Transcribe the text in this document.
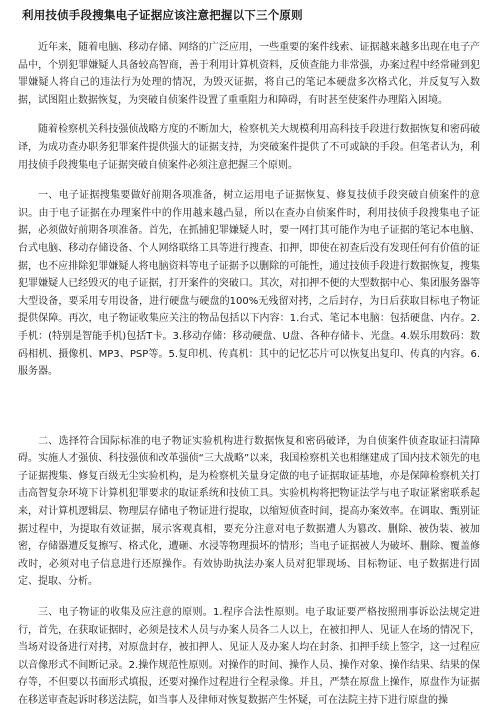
利用技侦手段搜集电子证据应该注意把握以下三个原则

近年来，随着电脑、移动存储、网络的广泛应用，一些重要的案件线索、证据越来越多出现在电子产品中，个别犯罪嫌疑人具备较高智商，善于利用计算机资料，反侦查能力非常强，办案过程中经常碰到犯罪嫌疑人将自己的违法行为处理的情况，为毁灭证据，将自己的笔记本硬盘多次格式化，并反复写入数据，试图阻止数据恢复，为突破自侦案件设置了重重阻力和障碍，有时甚至使案件办理陷入困境。

随着检察机关科技强侦战略方度的不断加大，检察机关大规模利用高科技手段进行数据恢复和密码破译，为成功查办职务犯罪案件提供强大的证据支持，为突破案件提供了不可或缺的手段。但笔者认为，利用技侦手段搜集电子证据突破自侦案件必须注意把握三个原则。

一、电子证据搜集要做好前期各项准备，树立运用电子证据恢复、修复技侦手段突破自侦案件的意识。由于电子证据在办理案件中的作用越来越凸显，所以在查办自侦案件时，利用技侦手段搜集电子证据，必须做好前期各项准备。首先，在抓捕犯罪嫌疑人时，要一网打其可能作为电子证据的笔记本电脑、台式电脑、移动存储设备、个人网络联络工具等进行搜查、扣押，即使在初查后没有发现任何有价值的证据，也不应排除犯罪嫌疑人将电脑资料等电子证据予以删除的可能性，通过技侦手段进行数据恢复，搜集犯罪嫌疑人已经毁灭的电子证据，打开案件的突破口。其次，对扣押不便的大型数据中心、集团服务器等大型设备，要采用专用设备，进行硬盘与硬盘的100%无残留对拷，之后封存，为日后获取目标电子物证提供保障。再次，电子物证收集应关注的物品包括以下内容：1.台式、笔记本电脑：包括硬盘、内存。2.手机：(特别是智能手机)包括T卡。3.移动存储：移动硬盘、U盘、各种存储卡、光盘。4.娱乐用数码：数码相机、摄像机、MP3、PSP等。5.复印机、传真机：其中的记忆芯片可以恢复出复印、传真的内容。6.服务器。

二、选择符合国际标准的电子物证实验机构进行数据恢复和密码破译，为自侦案件侦查取证扫清障碍。实施人才强侦、科技强侦和改革强侦“三大战略”以来，我国检察机关也相继建成了国内技术领先的电子证据搜集、修复百级无尘实验机构，是为检察机关量身定做的电子证据取证基地，亦是保障检察机关打击高智复杂环境下计算机犯罪要求的取证系统和技侦工具。实验机构将把物证法学与电子取证紧密联系起来，对计算机逻辑层、物理层存储电子物证进行提取，以缩短侦查时间，提高办案效率。在调取、甄别证据过程中，为提取有效证据，展示客观真相，要充分注意对电子数据遭人为篡改、删除、被伪装、被加密，存储器遭反复擦写、格式化，遭砸、水浸等物理损坏的情形；当电子证据被人为破坏、删除、覆盖修改时，必须对电子信息进行还原操作。有效协助执法办案人员对犯罪现场、目标物证、电子数据进行固定、提取、分析。

三、电子物证的收集及应注意的原则。1.程序合法性原则。电子取证要严格按照刑事诉讼法规定进行，首先，在获取证据时，必须是技术人员与办案人员各二人以上，在被扣押人、见证人在场的情况下，当场对设备进行对拷，对原盘封存，被扣押人、见证人及办案人均在封条、扣押手续上签字，这一过程应以音像形式不间断记录。2.操作规范性原则。对操作的时间、操作人员、操作对象、操作结果、结果的保存等，不但要以书面形式填报，还要对操作过程进行全程录像。并且，严禁在原盘上操作，原盘作为证据在移送审查起诉时移送法院，如当事人及律师对恢复数据产生怀疑，可在法院主持下进行原盘的操
